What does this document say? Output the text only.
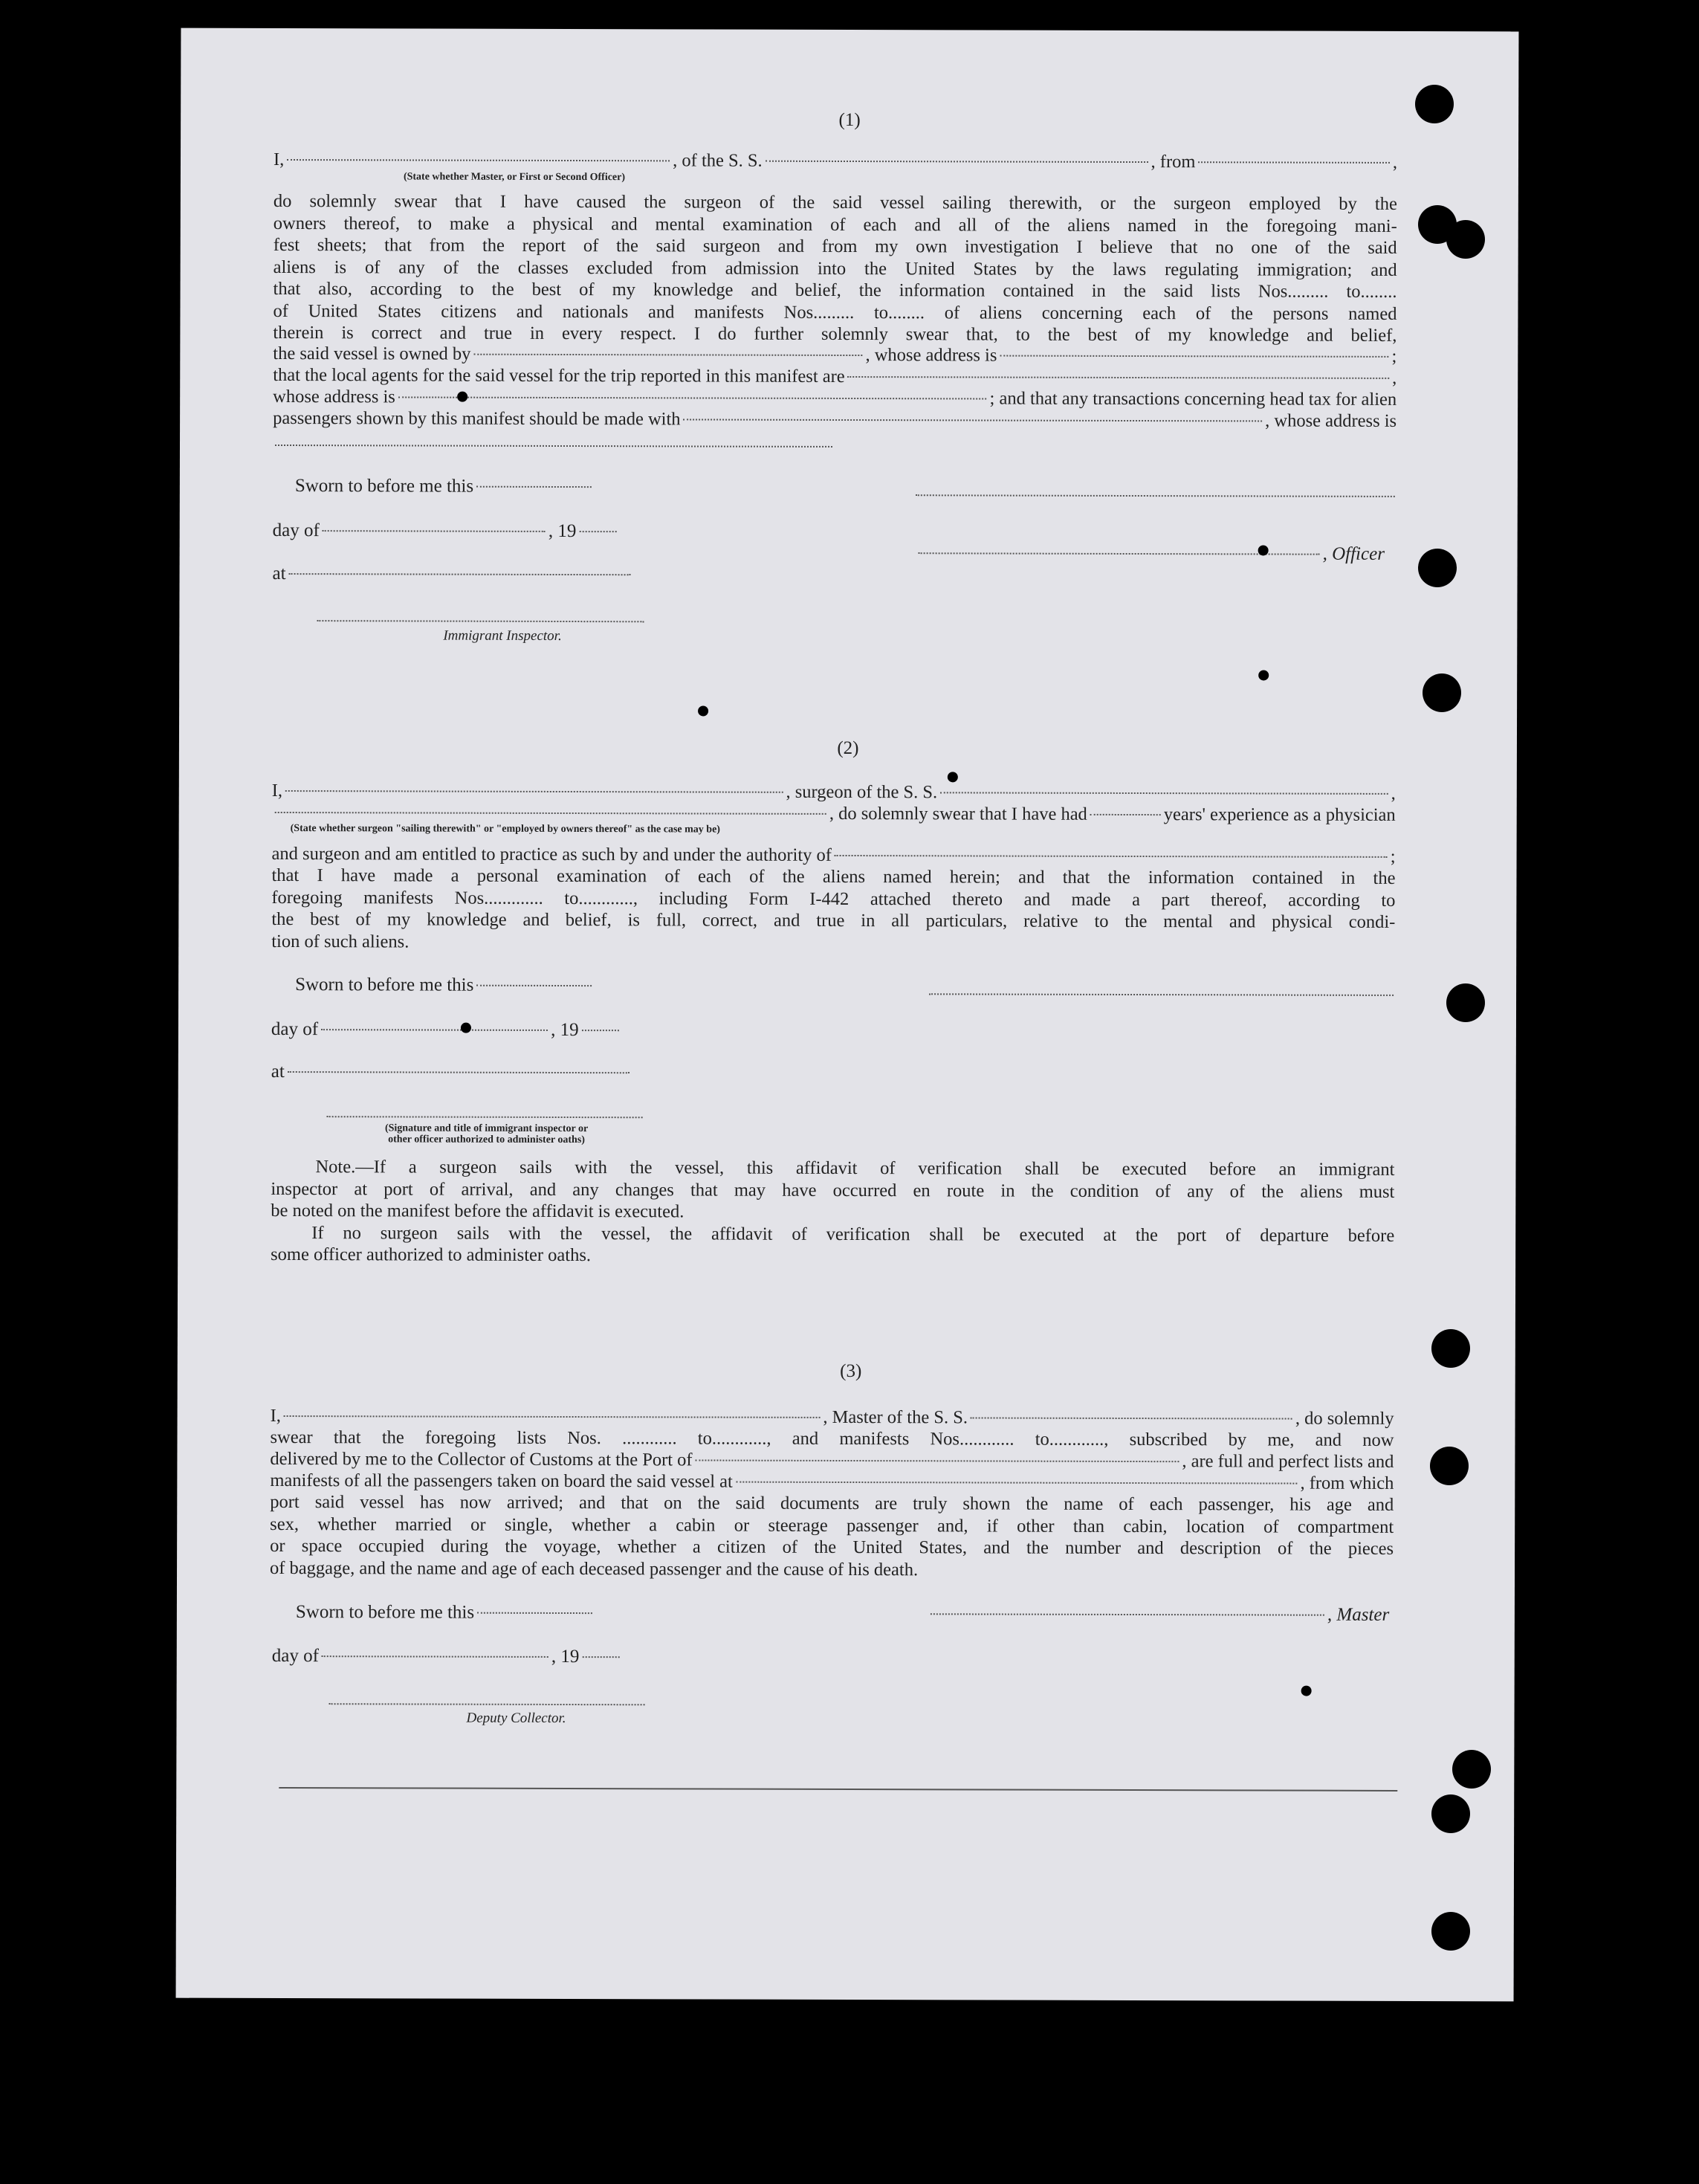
(1)
I,	, of the S. S.	, from	,
(State whether Master, or First or Second Officer)
do solemnly swear that I have caused the surgeon of the said vessel sailing therewith, or the surgeon employed by the
owners thereof, to make a physical and mental examination of each and all of the aliens named in the foregoing mani-
fest sheets; that from the report of the said surgeon and from my own investigation I believe that no one of the said
aliens is of any of the classes excluded from admission into the United States by the laws regulating immigration; and
that also, according to the best of my knowledge and belief, the information contained in the said lists Nos......... to........
of United States citizens and nationals and manifests Nos......... to........ of aliens concerning each of the persons named
therein is correct and true in every respect. I do further solemnly swear that, to the best of my knowledge and belief,
the said vessel is owned by	, whose address is	;
that the local agents for the said vessel for the trip reported in this manifest are	,
whose address is	; and that any transactions concerning head tax for alien
passengers shown by this manifest should be made with	, whose address is
Sworn to before me this
day of	, 19
, Officer
at
Immigrant Inspector.
(2)
I,	, surgeon of the S. S.	,
, do solemnly swear that I have had	years' experience as a physician
(State whether surgeon "sailing therewith" or "employed by owners thereof" as the case may be)
and surgeon and am entitled to practice as such by and under the authority of	;
that I have made a personal examination of each of the aliens named herein; and that the information contained in the
foregoing manifests Nos............. to............, including Form I-442 attached thereto and made a part thereof, according to
the best of my knowledge and belief, is full, correct, and true in all particulars, relative to the mental and physical condi-
tion of such aliens.
Sworn to before me this
day of	, 19
at
(Signature and title of immigrant inspector or
other officer authorized to administer oaths)
Note.—If a surgeon sails with the vessel, this affidavit of verification shall be executed before an immigrant
inspector at port of arrival, and any changes that may have occurred en route in the condition of any of the aliens must
be noted on the manifest before the affidavit is executed.
If no surgeon sails with the vessel, the affidavit of verification shall be executed at the port of departure before
some officer authorized to administer oaths.
(3)
I,	, Master of the S. S.	, do solemnly
swear that the foregoing lists Nos. ............ to............, and manifests Nos............ to............, subscribed by me, and now
delivered by me to the Collector of Customs at the Port of	, are full and perfect lists and
manifests of all the passengers taken on board the said vessel at	, from which
port said vessel has now arrived; and that on the said documents are truly shown the name of each passenger, his age and
sex, whether married or single, whether a cabin or steerage passenger and, if other than cabin, location of compartment
or space occupied during the voyage, whether a citizen of the United States, and the number and description of the pieces
of baggage, and the name and age of each deceased passenger and the cause of his death.
Sworn to before me this	, Master
day of	, 19
Deputy Collector.
